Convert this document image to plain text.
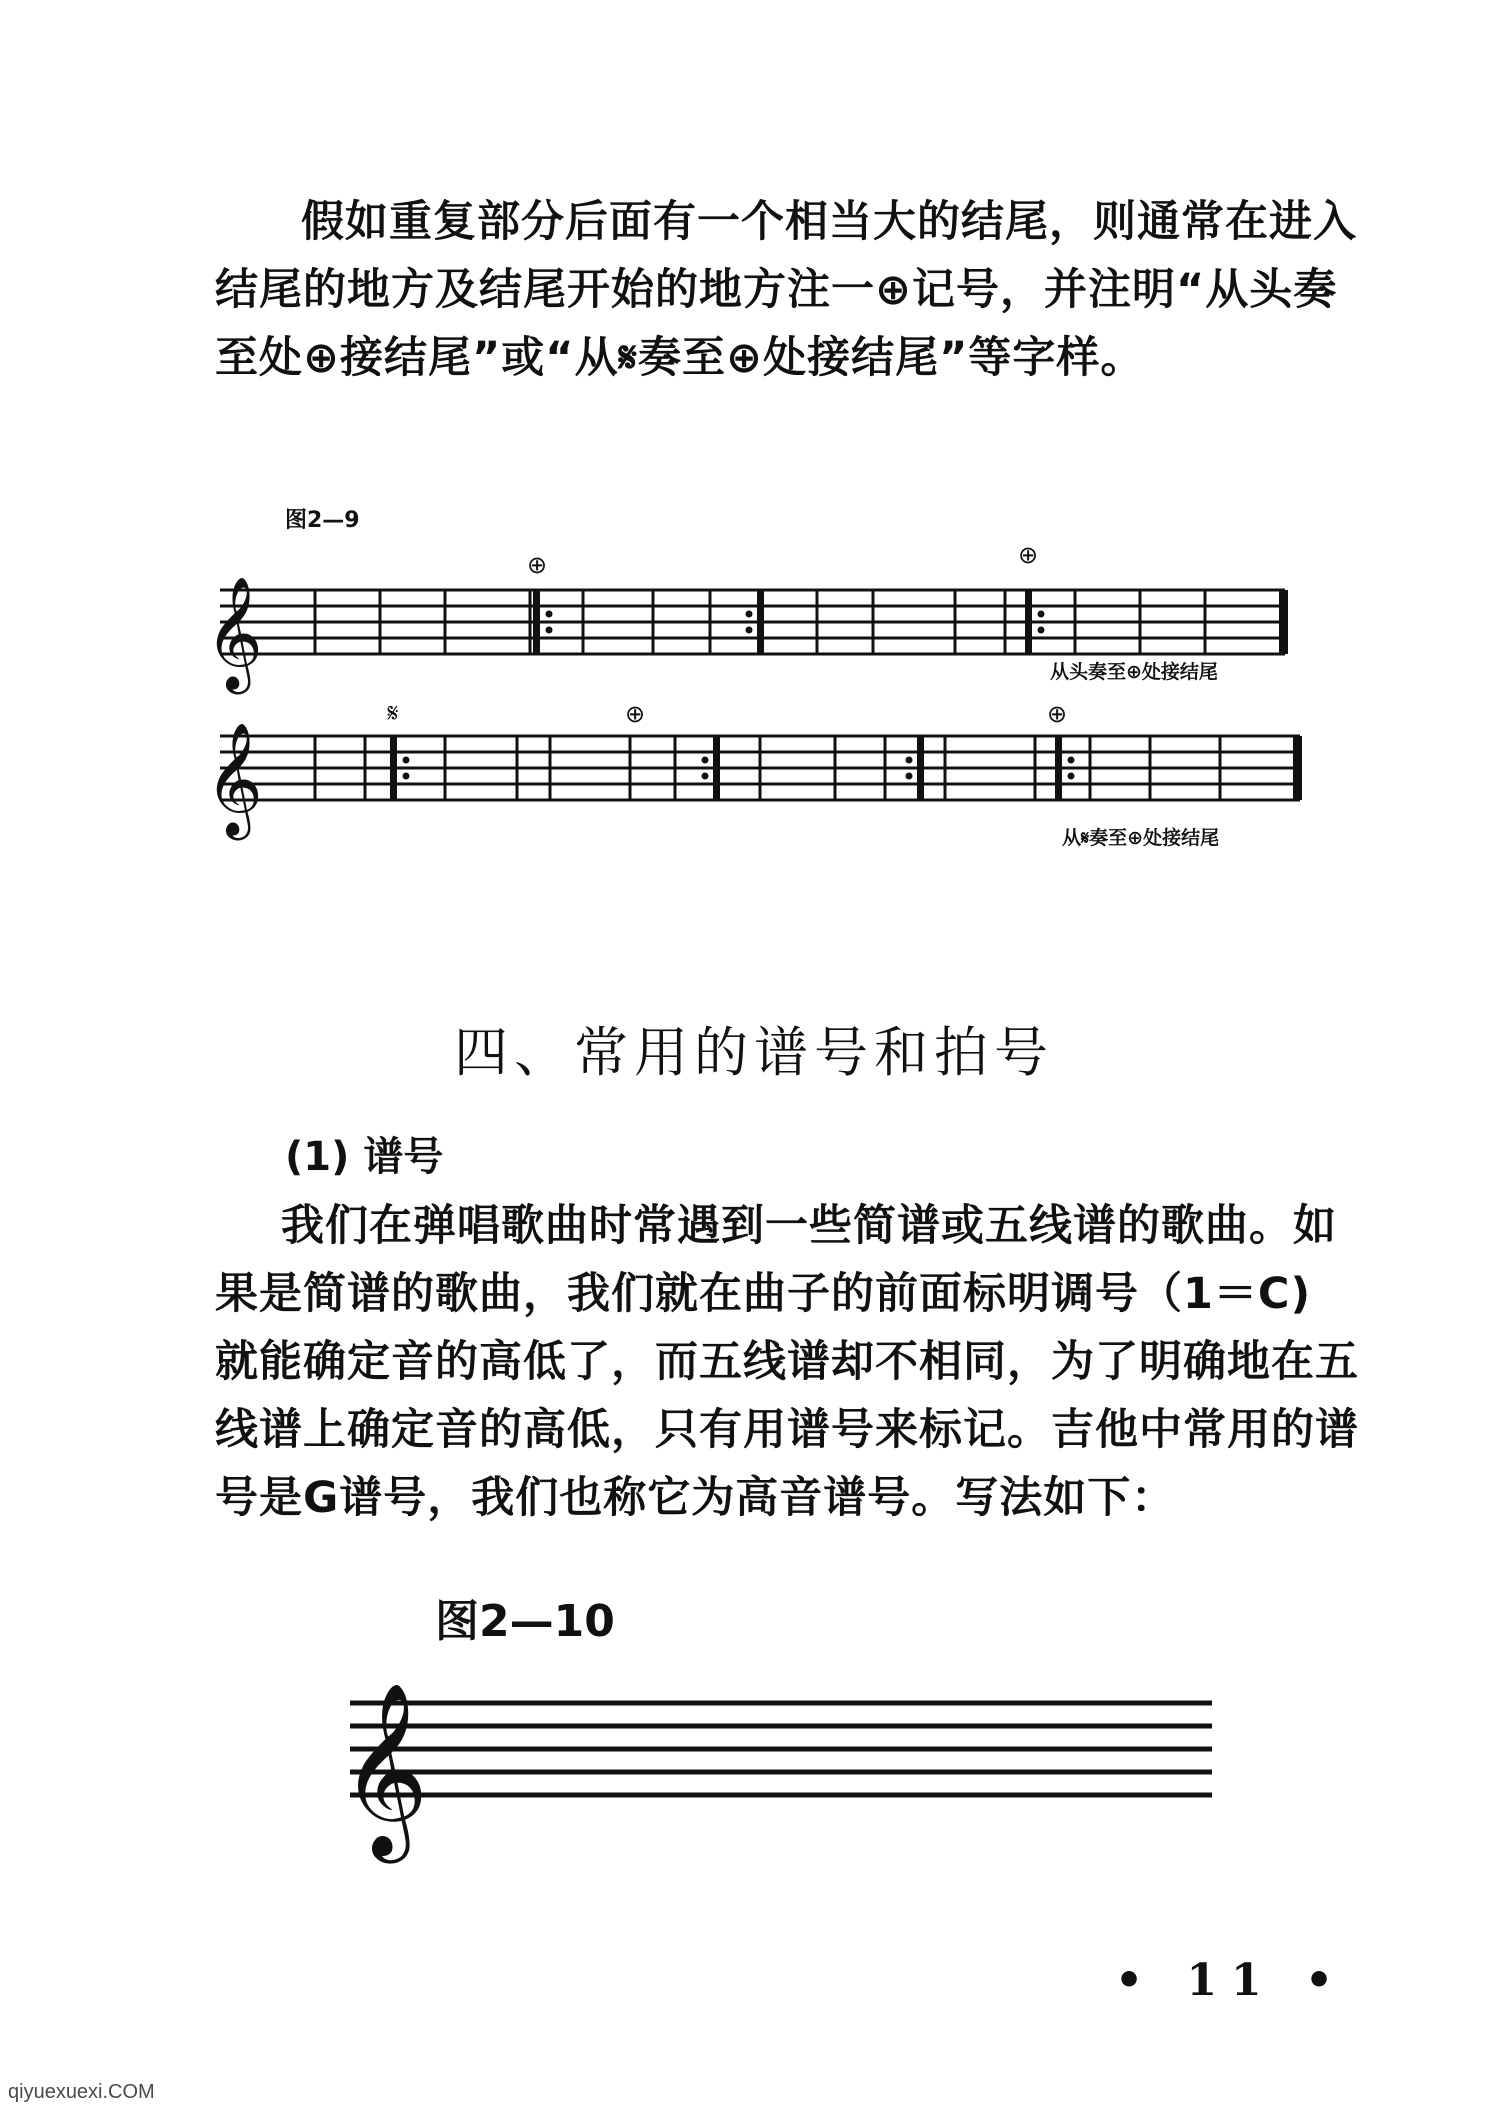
假如重复部分后面有一个相当大的结尾，则通常在进入
结尾的地方及结尾开始的地方注一⊕记号，并注明“从头奏
至处⊕接结尾”或“从𝄋奏至⊕处接结尾”等字样。
图2—9
𝄞
⊕	⊕
从头奏至⊕处接结尾
𝄞
𝄋	⊕	⊕
从𝄋奏至⊕处接结尾
四、常用的谱号和拍号
(1) 谱号
我们在弹唱歌曲时常遇到一些简谱或五线谱的歌曲。如
果是简谱的歌曲，我们就在曲子的前面标明调号（1＝C)
就能确定音的高低了，而五线谱却不相同，为了明确地在五
线谱上确定音的高低，只有用谱号来标记。吉他中常用的谱
号是G谱号，我们也称它为高音谱号。写法如下：
图2—10
𝄞
• 11 •
qiyuexuexi.COM
